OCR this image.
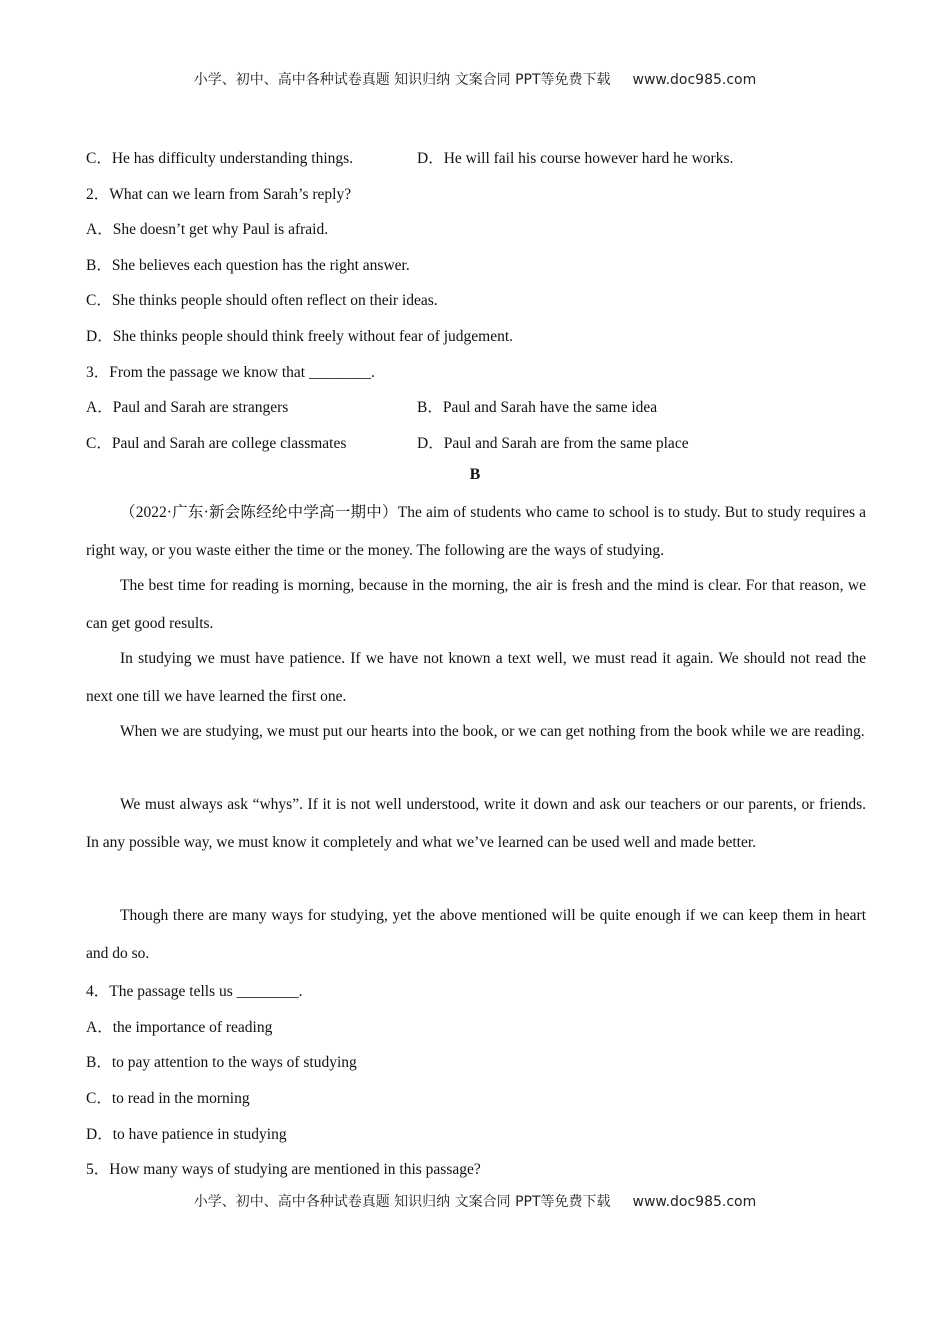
小学、初中、高中各种试卷真题 知识归纳 文案合同 PPT等免费下载 www.doc985.com
C．He has difficulty understanding things.	D．He will fail his course however hard he works.
2．What can we learn from Sarah’s reply?
A．She doesn’t get why Paul is afraid.
B．She believes each question has the right answer.
C．She thinks people should often reflect on their ideas.
D．She thinks people should think freely without fear of judgement.
3．From the passage we know that ________.
A．Paul and Sarah are strangers	B．Paul and Sarah have the same idea
C．Paul and Sarah are college classmates	D．Paul and Sarah are from the same place
B
（2022·广东·新会陈经纶中学高一期中）The aim of students who came to school is to study. But to study requires a right way, or you waste either the time or the money. The following are the ways of studying.
The best time for reading is morning, because in the morning, the air is fresh and the mind is clear. For that reason, we can get good results.
In studying we must have patience. If we have not known a text well, we must read it again. We should not read the next one till we have learned the first one.
When we are studying, we must put our hearts into the book, or we can get nothing from the book while we are reading.
We must always ask “whys”. If it is not well understood, write it down and ask our teachers or our parents, or friends. In any possible way, we must know it completely and what we’ve learned can be used well and made better.
Though there are many ways for studying, yet the above mentioned will be quite enough if we can keep them in heart and do so.
4．The passage tells us ________.
A．the importance of reading
B．to pay attention to the ways of studying
C．to read in the morning
D．to have patience in studying
5．How many ways of studying are mentioned in this passage?
小学、初中、高中各种试卷真题 知识归纳 文案合同 PPT等免费下载 www.doc985.com
